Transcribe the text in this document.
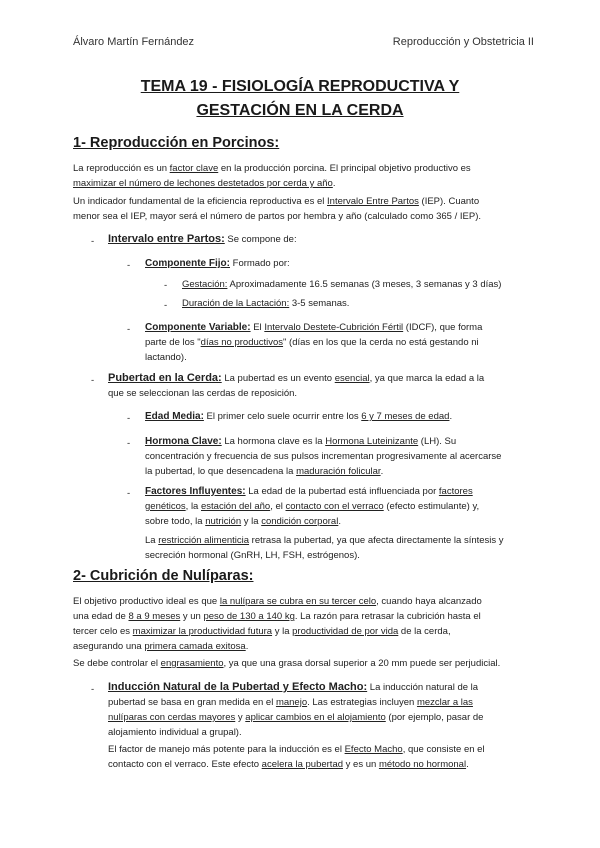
Álvaro Martín Fernández	Reproducción y Obstetricia II
TEMA 19 - FISIOLOGÍA REPRODUCTIVA Y
GESTACIÓN EN LA CERDA
1- Reproducción en Porcinos:
La reproducción es un factor clave en la producción porcina. El principal objetivo productivo es
maximizar el número de lechones destetados por cerda y año.
Un indicador fundamental de la eficiencia reproductiva es el Intervalo Entre Partos (IEP). Cuanto
menor sea el IEP, mayor será el número de partos por hembra y año (calculado como 365 / IEP).
- Intervalo entre Partos: Se compone de:
- Componente Fijo: Formado por:
- Gestación: Aproximadamente 16.5 semanas (3 meses, 3 semanas y 3 días)
- Duración de la Lactación: 3-5 semanas.
- Componente Variable: El Intervalo Destete-Cubrición Fértil (IDCF), que forma
parte de los "días no productivos" (días en los que la cerda no está gestando ni
lactando).
- Pubertad en la Cerda: La pubertad es un evento esencial, ya que marca la edad a la
que se seleccionan las cerdas de reposición.
- Edad Media: El primer celo suele ocurrir entre los 6 y 7 meses de edad.
- Hormona Clave: La hormona clave es la Hormona Luteinizante (LH). Su
concentración y frecuencia de sus pulsos incrementan progresivamente al acercarse
la pubertad, lo que desencadena la maduración folicular.
- Factores Influyentes: La edad de la pubertad está influenciada por factores
genéticos, la estación del año, el contacto con el verraco (efecto estimulante) y,
sobre todo, la nutrición y la condición corporal.
La restricción alimenticia retrasa la pubertad, ya que afecta directamente la síntesis y
secreción hormonal (GnRH, LH, FSH, estrógenos).
2- Cubrición de Nulíparas:
El objetivo productivo ideal es que la nulípara se cubra en su tercer celo, cuando haya alcanzado
una edad de 8 a 9 meses y un peso de 130 a 140 kg. La razón para retrasar la cubrición hasta el
tercer celo es maximizar la productividad futura y la productividad de por vida de la cerda,
asegurando una primera camada exitosa.
Se debe controlar el engrasamiento, ya que una grasa dorsal superior a 20 mm puede ser perjudicial.
- Inducción Natural de la Pubertad y Efecto Macho: La inducción natural de la
pubertad se basa en gran medida en el manejo. Las estrategias incluyen mezclar a las
nulíparas con cerdas mayores y aplicar cambios en el alojamiento (por ejemplo, pasar de
alojamiento individual a grupal).
El factor de manejo más potente para la inducción es el Efecto Macho, que consiste en el
contacto con el verraco. Este efecto acelera la pubertad y es un método no hormonal.
